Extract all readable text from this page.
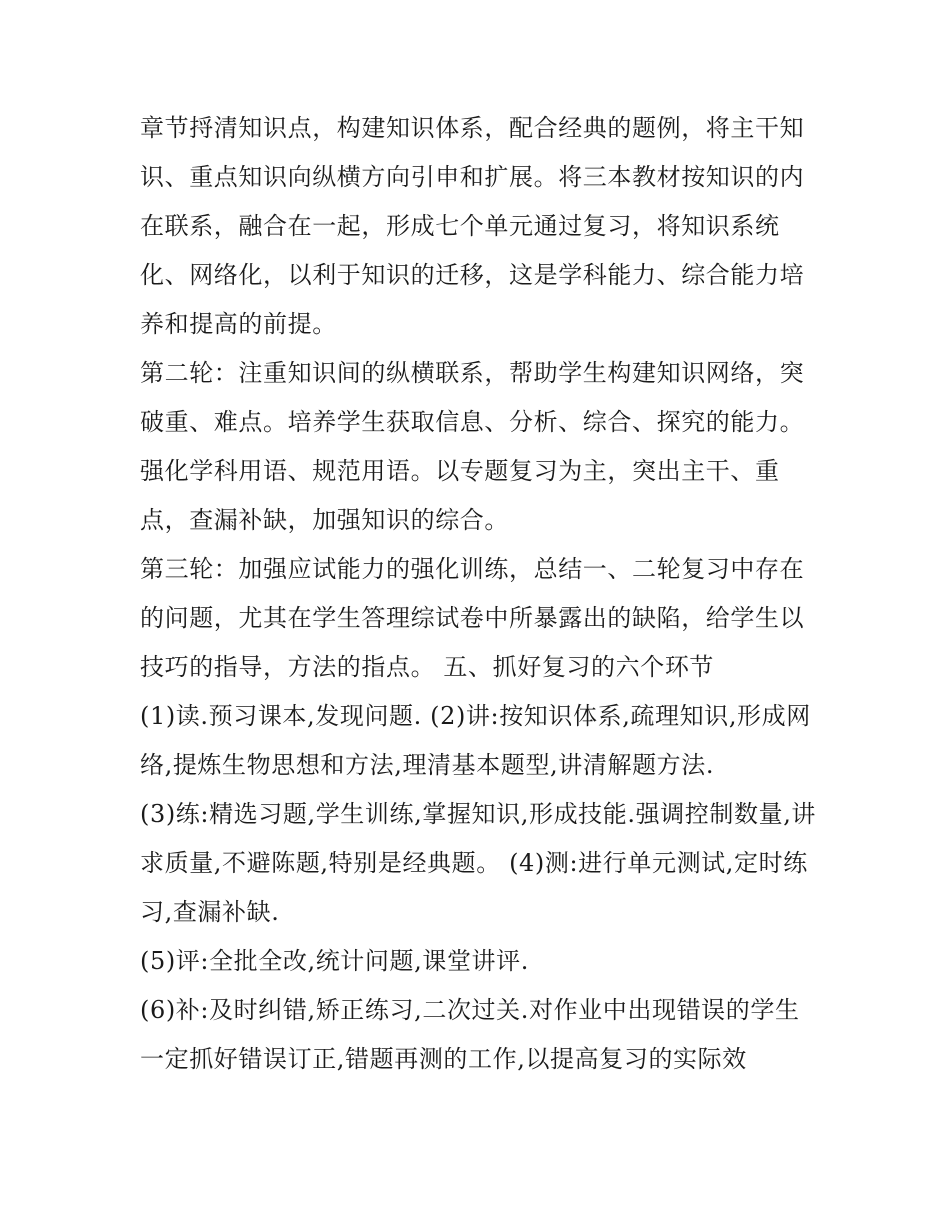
章节捋清知识点，构建知识体系，配合经典的题例，将主干知
识、重点知识向纵横方向引申和扩展。将三本教材按知识的内
在联系，融合在一起，形成七个单元通过复习，将知识系统
化、网络化，以利于知识的迁移，这是学科能力、综合能力培
养和提高的前提。
第二轮：注重知识间的纵横联系，帮助学生构建知识网络，突
破重、难点。培养学生获取信息、分析、综合、探究的能力。
强化学科用语、规范用语。以专题复习为主，突出主干、重
点，查漏补缺，加强知识的综合。
第三轮：加强应试能力的强化训练，总结一、二轮复习中存在
的问题，尤其在学生答理综试卷中所暴露出的缺陷，给学生以
技巧的指导，方法的指点。 五、抓好复习的六个环节
(1)读.预习课本,发现问题. (2)讲:按知识体系,疏理知识,形成网
络,提炼生物思想和方法,理清基本题型,讲清解题方法.
(3)练:精选习题,学生训练,掌握知识,形成技能.强调控制数量,讲
求质量,不避陈题,特别是经典题。 (4)测:进行单元测试,定时练
习,查漏补缺.
(5)评:全批全改,统计问题,课堂讲评.
(6)补:及时纠错,矫正练习,二次过关.对作业中出现错误的学生
一定抓好错误订正,错题再测的工作,以提高复习的实际效
